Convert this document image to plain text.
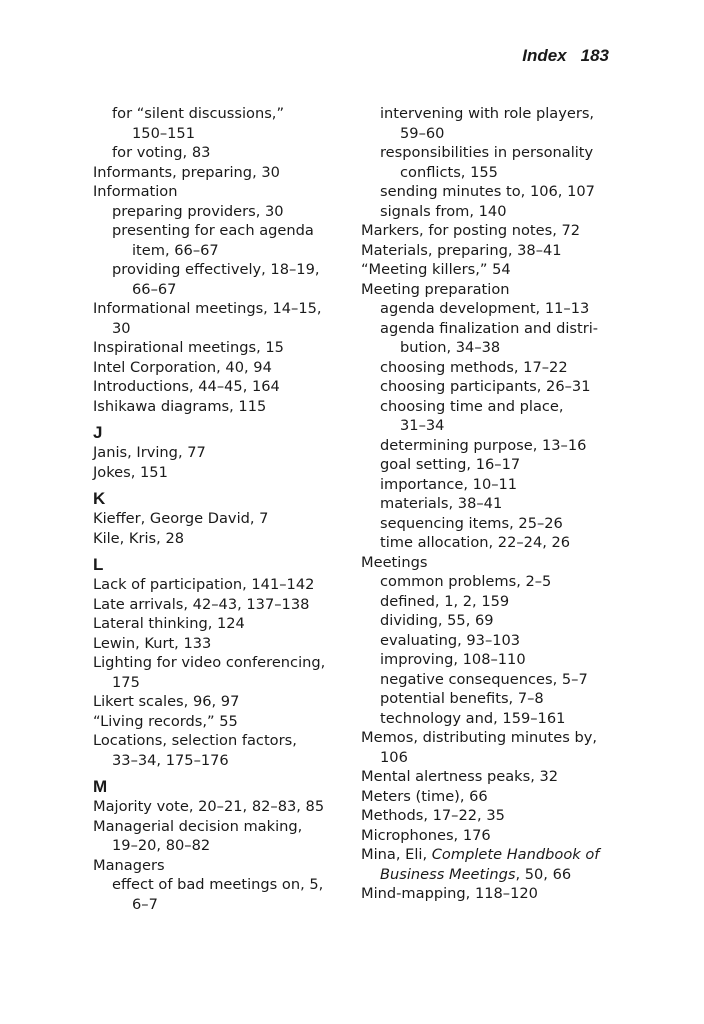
Index 183
for “silent discussions,”
150–151
for voting, 83
Informants, preparing, 30
Information
preparing providers, 30
presenting for each agenda
item, 66–67
providing effectively, 18–19,
66–67
Informational meetings, 14–15,
30
Inspirational meetings, 15
Intel Corporation, 40, 94
Introductions, 44–45, 164
Ishikawa diagrams, 115
J
Janis, Irving, 77
Jokes, 151
K
Kieffer, George David, 7
Kile, Kris, 28
L
Lack of participation, 141–142
Late arrivals, 42–43, 137–138
Lateral thinking, 124
Lewin, Kurt, 133
Lighting for video conferencing,
175
Likert scales, 96, 97
“Living records,” 55
Locations, selection factors,
33–34, 175–176
M
Majority vote, 20–21, 82–83, 85
Managerial decision making,
19–20, 80–82
Managers
effect of bad meetings on, 5,
6–7
intervening with role players,
59–60
responsibilities in personality
conflicts, 155
sending minutes to, 106, 107
signals from, 140
Markers, for posting notes, 72
Materials, preparing, 38–41
“Meeting killers,” 54
Meeting preparation
agenda development, 11–13
agenda finalization and distri-
bution, 34–38
choosing methods, 17–22
choosing participants, 26–31
choosing time and place,
31–34
determining purpose, 13–16
goal setting, 16–17
importance, 10–11
materials, 38–41
sequencing items, 25–26
time allocation, 22–24, 26
Meetings
common problems, 2–5
defined, 1, 2, 159
dividing, 55, 69
evaluating, 93–103
improving, 108–110
negative consequences, 5–7
potential benefits, 7–8
technology and, 159–161
Memos, distributing minutes by,
106
Mental alertness peaks, 32
Meters (time), 66
Methods, 17–22, 35
Microphones, 176
Mina, Eli, Complete Handbook of
Business Meetings, 50, 66
Mind-mapping, 118–120
